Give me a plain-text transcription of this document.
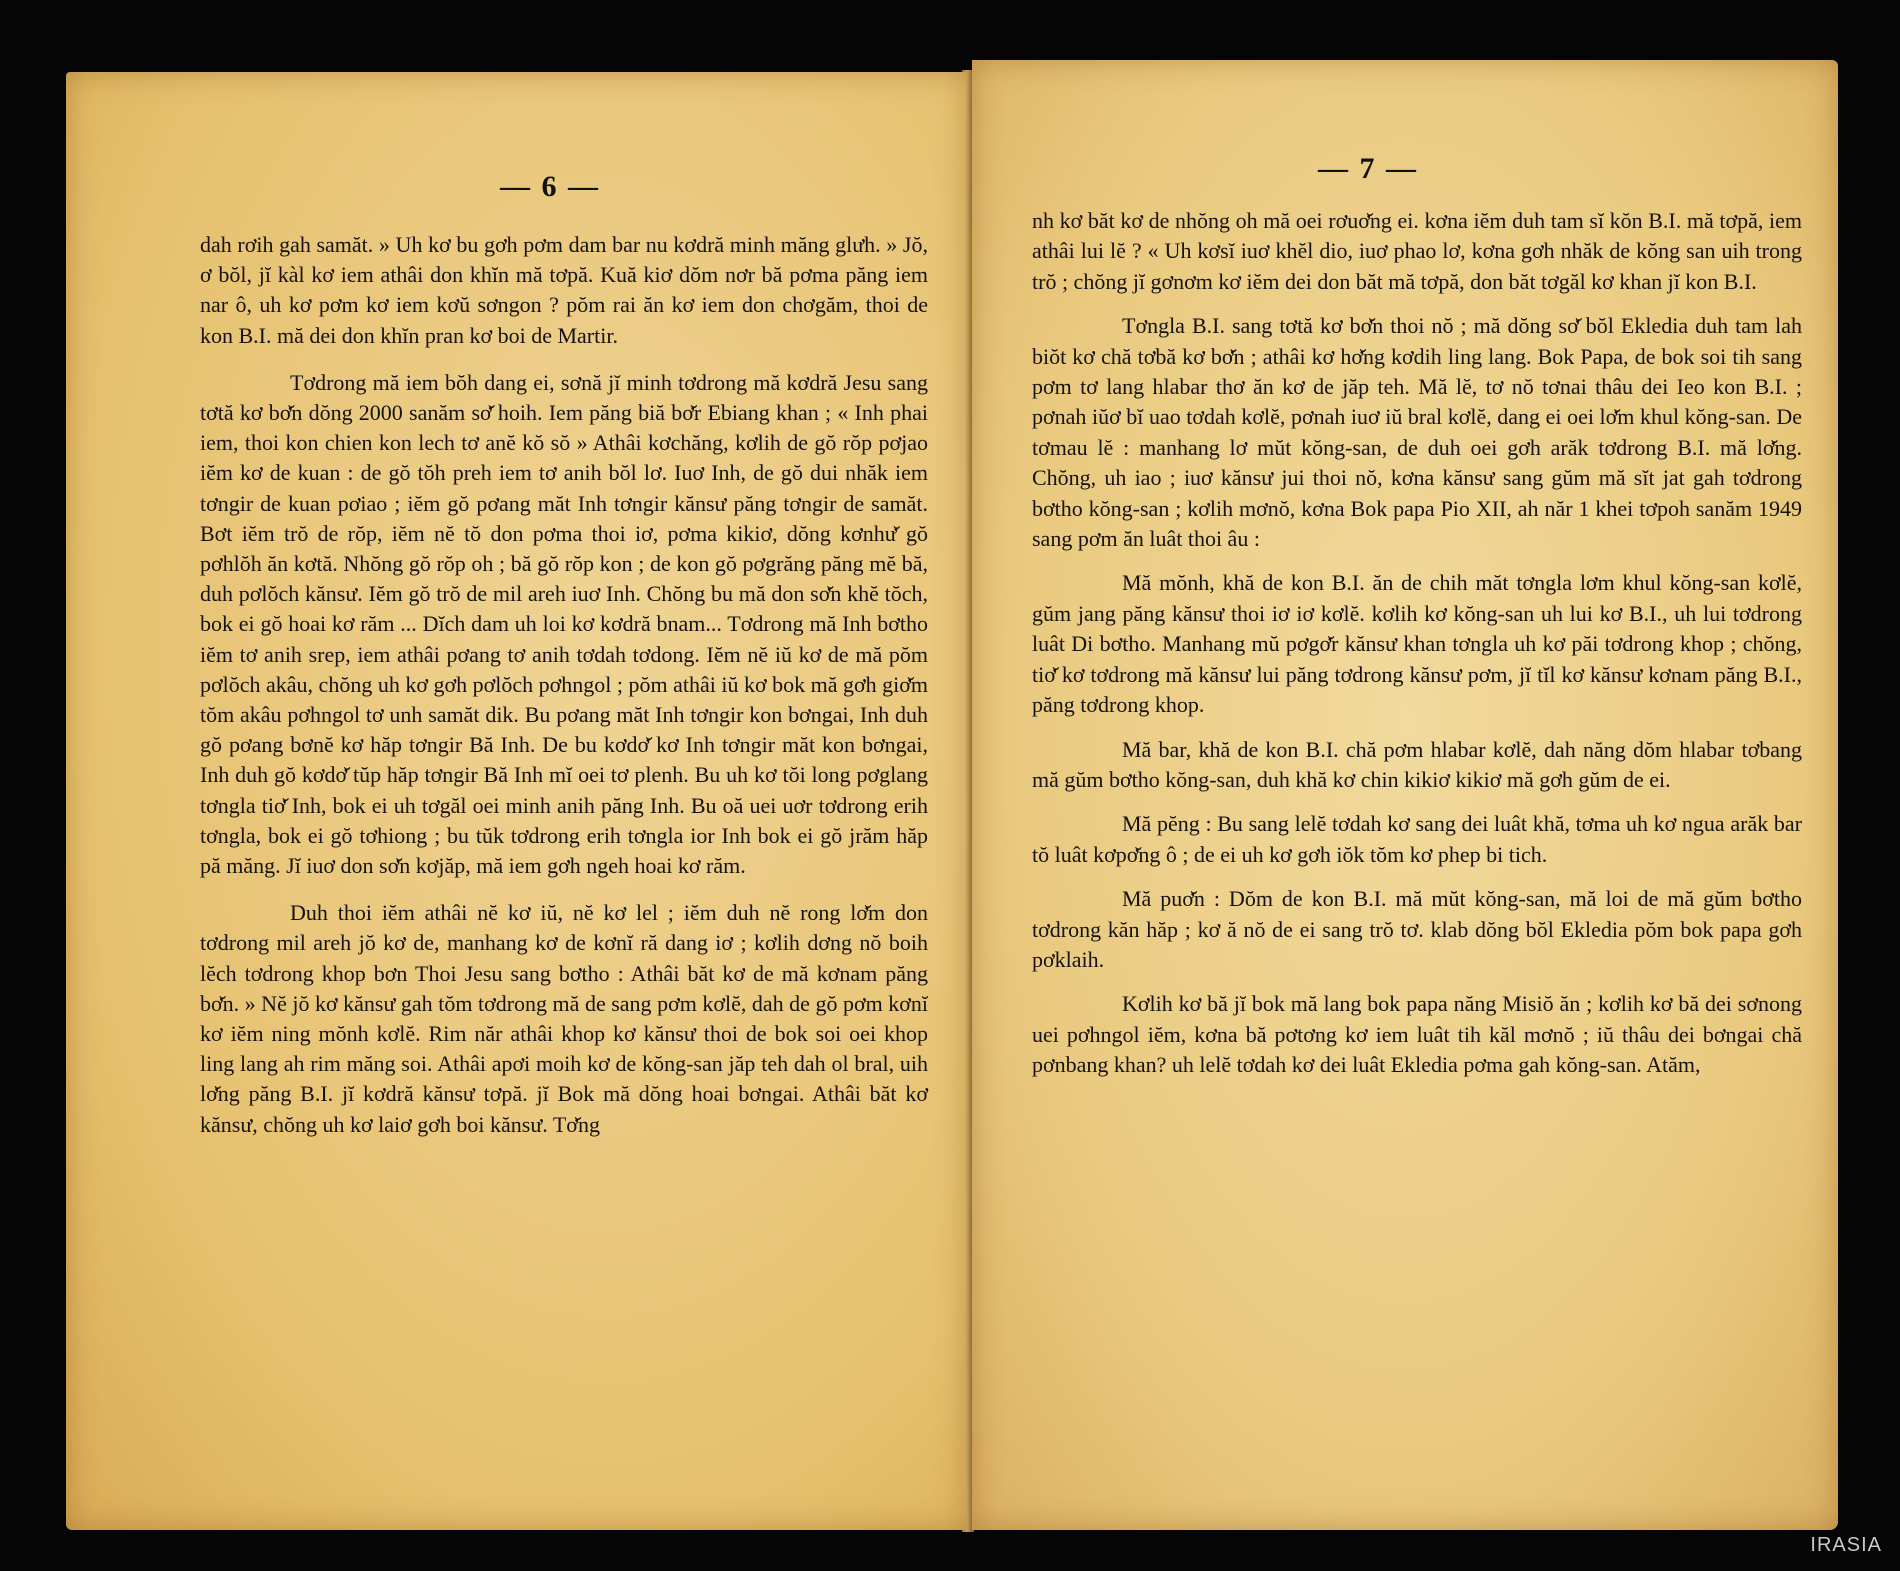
— 6 —

dah rơih gah samăt. » Uh kơ bu gơh pơm dam bar nu kơdră minh măng glưh. » Jŏ, ơ bŏl, jĭ kàl kơ iem athâi don khĭn mă tơpă. Kuă kiơ dŏm nơr bă pơma păng iem nar ô, uh kơ pơm kơ iem kơŭ sơngon ? pŏm rai ăn kơ iem don chơgăm, thoi de kon B.I. mă dei don khĭn pran kơ boi de Martir.

Tơdrong mă iem bŏh dang ei, sơnă jĭ minh tơdrong mă kơdră Jesu sang tơtă kơ bơ̆n dŏng 2000 sanăm sơ̆ hoih. Iem păng biă bơ̆r Ebiang khan ; « Inh phai iem, thoi kon chien kon lech tơ anĕ kŏ sŏ » Athâi kơchăng, kơlih de gŏ rŏp pơjao iĕm kơ de kuan : de gŏ tŏh preh iem tơ anih bŏl lơ. Iuơ Inh, de gŏ dui nhăk iem tơngir de kuan pơiao ; iĕm gŏ pơang măt Inh tơngir kănsư păng tơngir de samăt. Bơt iĕm trŏ de rŏp, iĕm nĕ tŏ don pơma thoi iơ, pơma kikiơ, dŏng kơnhư̆ gŏ pơhlŏh ăn kơtă. Nhŏng gŏ rŏp oh ; bă gŏ rŏp kon ; de kon gŏ pơgrăng păng mĕ bă, duh pơlŏch kănsư. Iĕm gŏ trŏ de mil areh iuơ Inh. Chŏng bu mă don sơ̆n khĕ tŏch, bok ei gŏ hoai kơ răm ... Dĭch dam uh loi kơ kơdră bnam... Tơdrong mă Inh bơtho iĕm tơ anih srep, iem athâi pơang tơ anih tơdah tơdong. Iĕm nĕ iŭ kơ de mă pŏm pơlŏch akâu, chŏng uh kơ gơh pơlŏch pơhngol ; pŏm athâi iŭ kơ bok mă gơh giơ̆m tŏm akâu pơhngol tơ unh samăt dik. Bu pơang măt Inh tơngir kon bơngai, Inh duh gŏ pơang bơnĕ kơ hăp tơngir Bă Inh. De bu kơdơ̆ kơ Inh tơngir măt kon bơngai, Inh duh gŏ kơdơ̆ tŭp hăp tơngir Bă Inh mĭ oei tơ plenh. Bu uh kơ tŏi long pơglang tơngla tiơ̆ Inh, bok ei uh tơgăl oei minh anih păng Inh. Bu oă uei uơr tơdrong erih tơngla, bok ei gŏ tơhiong ; bu tŭk tơdrong erih tơngla ior Inh bok ei gŏ jrăm hăp pă măng. Jĭ iuơ don sơ̆n kơjăp, mă iem gơh ngeh hoai kơ răm.

Duh thoi iĕm athâi nĕ kơ iŭ, nĕ kơ lel ; iĕm duh nĕ rong lơ̆m don tơdrong mil areh jŏ kơ de, manhang kơ de kơnĭ ră dang iơ ; kơlih dơng nŏ boih lĕch tơdrong khop bơn Thoi Jesu sang bơtho : Athâi băt kơ de mă kơnam păng bơ̆n. » Nĕ jŏ kơ kănsư gah tŏm tơdrong mă de sang pơm kơlĕ, dah de gŏ pơm kơnĭ kơ iĕm ning mŏnh kơlĕ. Rim năr athâi khop kơ kănsư thoi de bok soi oei khop ling lang ah rim măng soi. Athâi apơi moih kơ de kŏng-san jăp teh dah ol bral, uih lơ̆ng păng B.I. jĭ kơdră kănsư tơpă. jĭ Bok mă dŏng hoai bơngai. Athâi băt kơ kănsư, chŏng uh kơ laiơ gơh boi kănsư. Tơ̆ng

— 7 —

nh kơ băt kơ de nhŏng oh mă oei rơuơ̆ng ei. kơna iĕm duh tam sĭ kŏn B.I. mă tơpă, iem athâi lui lĕ ? « Uh kơsĭ iuơ khĕl dio, iuơ phao lơ, kơna gơh nhăk de kŏng san uih trong trŏ ; chŏng jĭ gơnơm kơ iĕm dei don băt mă tơpă, don băt tơgăl kơ khan jĭ kon B.I.

Tơngla B.I. sang tơtă kơ bơ̆n thoi nŏ ; mă dŏng sơ̆ bŏl Ekledia duh tam lah biŏt kơ chă tơbă kơ bơ̆n ; athâi kơ hơ̆ng kơdih ling lang. Bok Papa, de bok soi tih sang pơm tơ lang hlabar thơ ăn kơ de jăp teh. Mă lĕ, tơ nŏ tơnai thâu dei Ieo kon B.I. ; pơnah iŭơ bĭ uao tơdah kơlĕ, pơnah iuơ iŭ bral kơlĕ, dang ei oei lơ̆m khul kŏng-san. De tơmau lĕ : manhang lơ mŭt kŏng-san, de duh oei gơh arăk tơdrong B.I. mă lơ̆ng. Chŏng, uh iao ; iuơ kănsư jui thoi nŏ, kơna kănsư sang gŭm mă sĭt jat gah tơdrong bơtho kŏng-san ; kơlih mơnŏ, kơna Bok papa Pio XII, ah năr 1 khei tơpoh sanăm 1949 sang pơm ăn luât thoi âu :

Mă mŏnh, khă de kon B.I. ăn de chih măt tơngla lơm khul kŏng-san kơlĕ, gŭm jang păng kănsư thoi iơ iơ kơlĕ. kơlih kơ kŏng-san uh lui kơ B.I., uh lui tơdrong luât Di bơtho. Manhang mŭ pơgơ̆r kănsư khan tơngla uh kơ păi tơdrong khop ; chŏng, tiơ̆ kơ tơdrong mă kănsư lui păng tơdrong kănsư pơm, jĭ tĭl kơ kănsư kơnam păng B.I., păng tơdrong khop.

Mă bar, khă de kon B.I. chă pơm hlabar kơlĕ, dah năng dŏm hlabar tơbang mă gŭm bơtho kŏng-san, duh khă kơ chin kikiơ kikiơ mă gơh gŭm de ei.

Mă pĕng : Bu sang lelĕ tơdah kơ sang dei luât khă, tơma uh kơ ngua arăk bar tŏ luât kơpơ̆ng ô ; de ei uh kơ gơh iŏk tŏm kơ phep bi tich.

Mă puơ̆n : Dŏm de kon B.I. mă mŭt kŏng-san, mă loi de mă gŭm bơtho tơdrong kăn hăp ; kơ ă nŏ de ei sang trŏ tơ. klab dŏng bŏl Ekledia pŏm bok papa gơh pơklaih.

Kơlih kơ bă jĭ bok mă lang bok papa năng Misiŏ ăn ; kơlih kơ bă dei sơnong uei pơhngol iĕm, kơna bă pơtơng kơ iem luât tih kăl mơnŏ ; iŭ thâu dei bơngai chă pơnbang khan? uh lelĕ tơdah kơ dei luât Ekledia pơma gah kŏng-san. Atăm,

IRASIA
